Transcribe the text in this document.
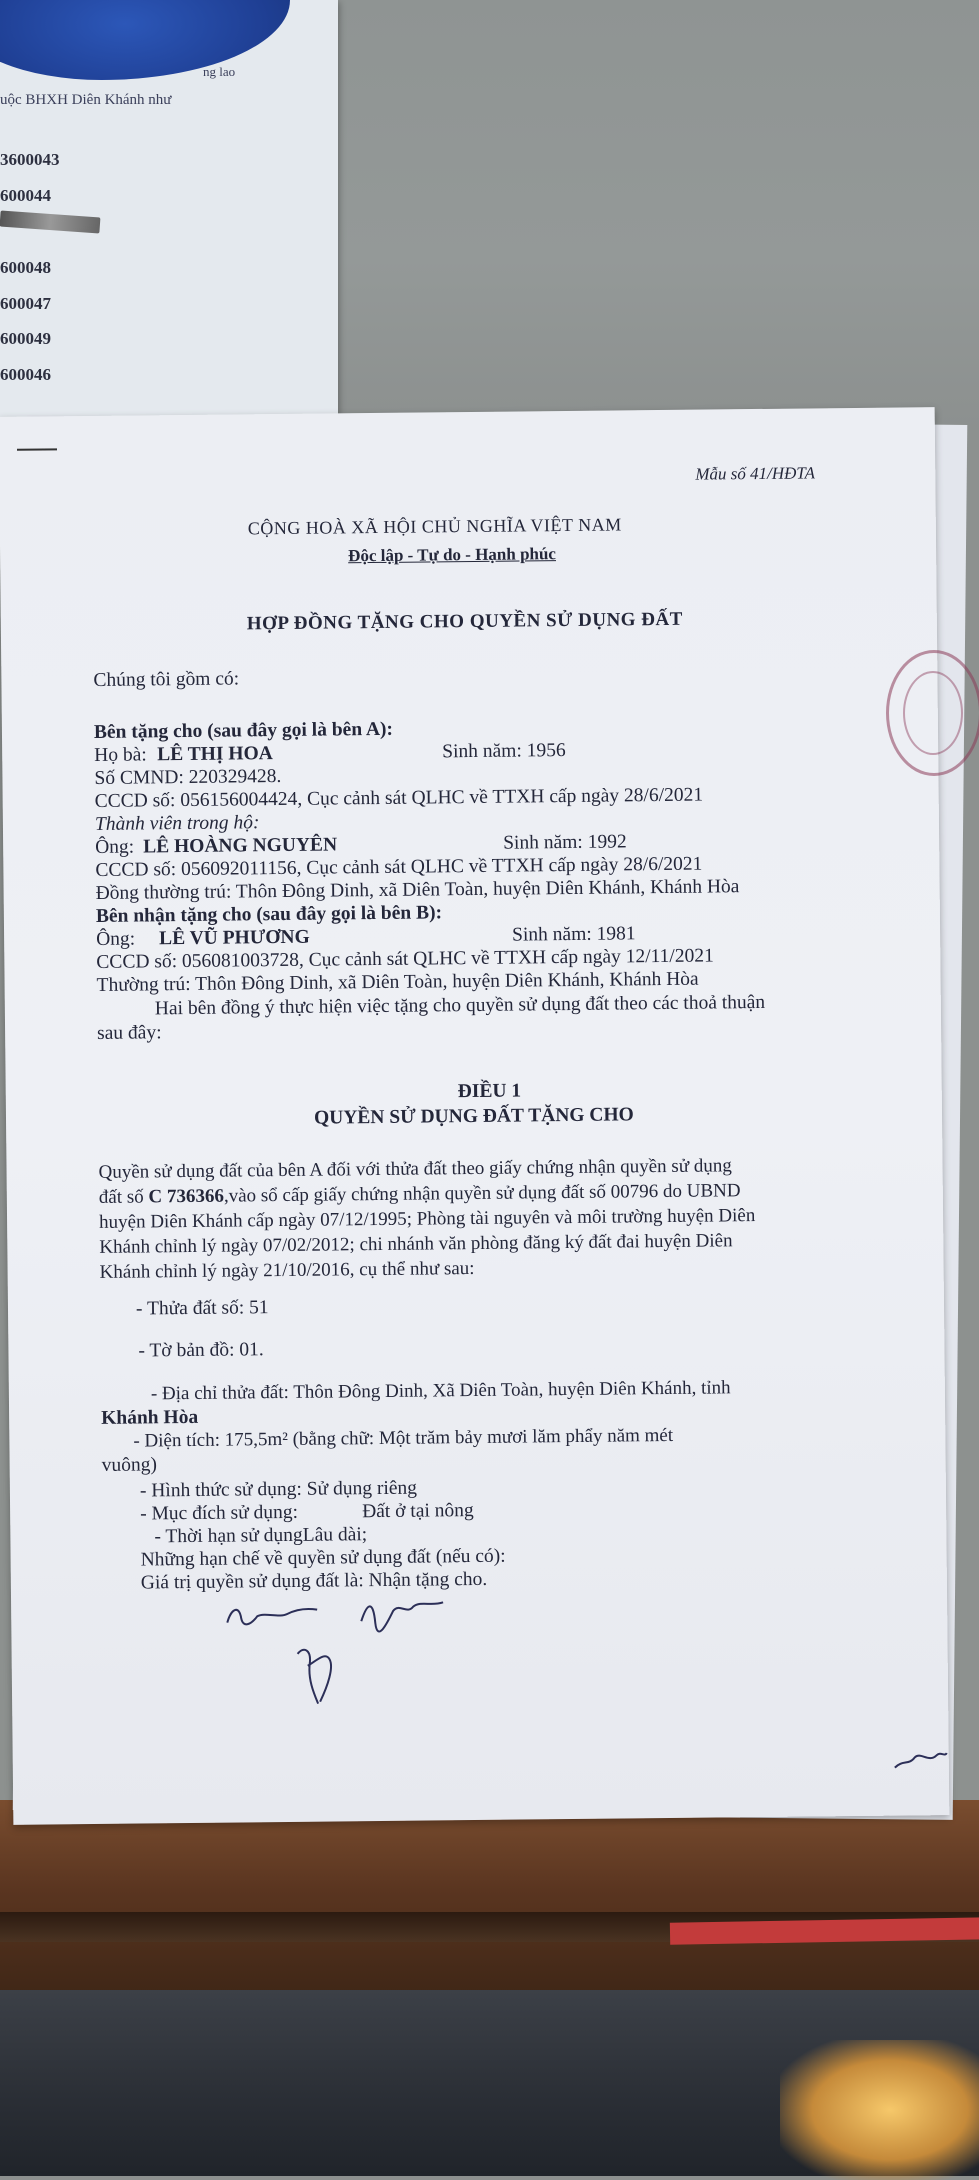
ng lao
uộc BHXH Diên Khánh như
3600043
600044
600048
600047
600049
600046
Mẫu số 41/HĐTA
CỘNG HOÀ XÃ HỘI CHỦ NGHĨA VIỆT NAM
Độc lập - Tự do - Hạnh phúc
HỢP ĐỒNG TẶNG CHO QUYỀN SỬ DỤNG ĐẤT
Chúng tôi gồm có:
Bên tặng cho (sau đây gọi là bên A):
Họ bà: LÊ THỊ HOA	Sinh năm: 1956
Số CMND: 220329428.
CCCD số: 056156004424, Cục cảnh sát QLHC về TTXH cấp ngày 28/6/2021
Thành viên trong hộ:
Ông: LÊ HOÀNG NGUYÊN	Sinh năm: 1992
CCCD số: 056092011156, Cục cảnh sát QLHC về TTXH cấp ngày 28/6/2021
Đồng thường trú: Thôn Đông Dinh, xã Diên Toàn, huyện Diên Khánh, Khánh Hòa
Bên nhận tặng cho (sau đây gọi là bên B):
Ông: LÊ VŨ PHƯƠNG	Sinh năm: 1981
CCCD số: 056081003728, Cục cảnh sát QLHC về TTXH cấp ngày 12/11/2021
Thường trú: Thôn Đông Dinh, xã Diên Toàn, huyện Diên Khánh, Khánh Hòa
Hai bên đồng ý thực hiện việc tặng cho quyền sử dụng đất theo các thoả thuận
sau đây:
ĐIỀU 1
QUYỀN SỬ DỤNG ĐẤT TẶNG CHO
Quyền sử dụng đất của bên A đối với thửa đất theo giấy chứng nhận quyền sử dụng
đất số C 736366,vào sổ cấp giấy chứng nhận quyền sử dụng đất số 00796 do UBND
huyện Diên Khánh cấp ngày 07/12/1995; Phòng tài nguyên và môi trường huyện Diên
Khánh chỉnh lý ngày 07/02/2012; chi nhánh văn phòng đăng ký đất đai huyện Diên
Khánh chỉnh lý ngày 21/10/2016, cụ thể như sau:
- Thửa đất số: 51
- Tờ bản đồ: 01.
- Địa chỉ thửa đất: Thôn Đông Dinh, Xã Diên Toàn, huyện Diên Khánh, tỉnh
Khánh Hòa
- Diện tích: 175,5m² (bằng chữ: Một trăm bảy mươi lăm phẩy năm mét
vuông)
- Hình thức sử dụng: Sử dụng riêng
- Mục đích sử dụng:	Đất ở tại nông
- Thời hạn sử dụngLâu dài;
Những hạn chế về quyền sử dụng đất (nếu có):
Giá trị quyền sử dụng đất là: Nhận tặng cho.
